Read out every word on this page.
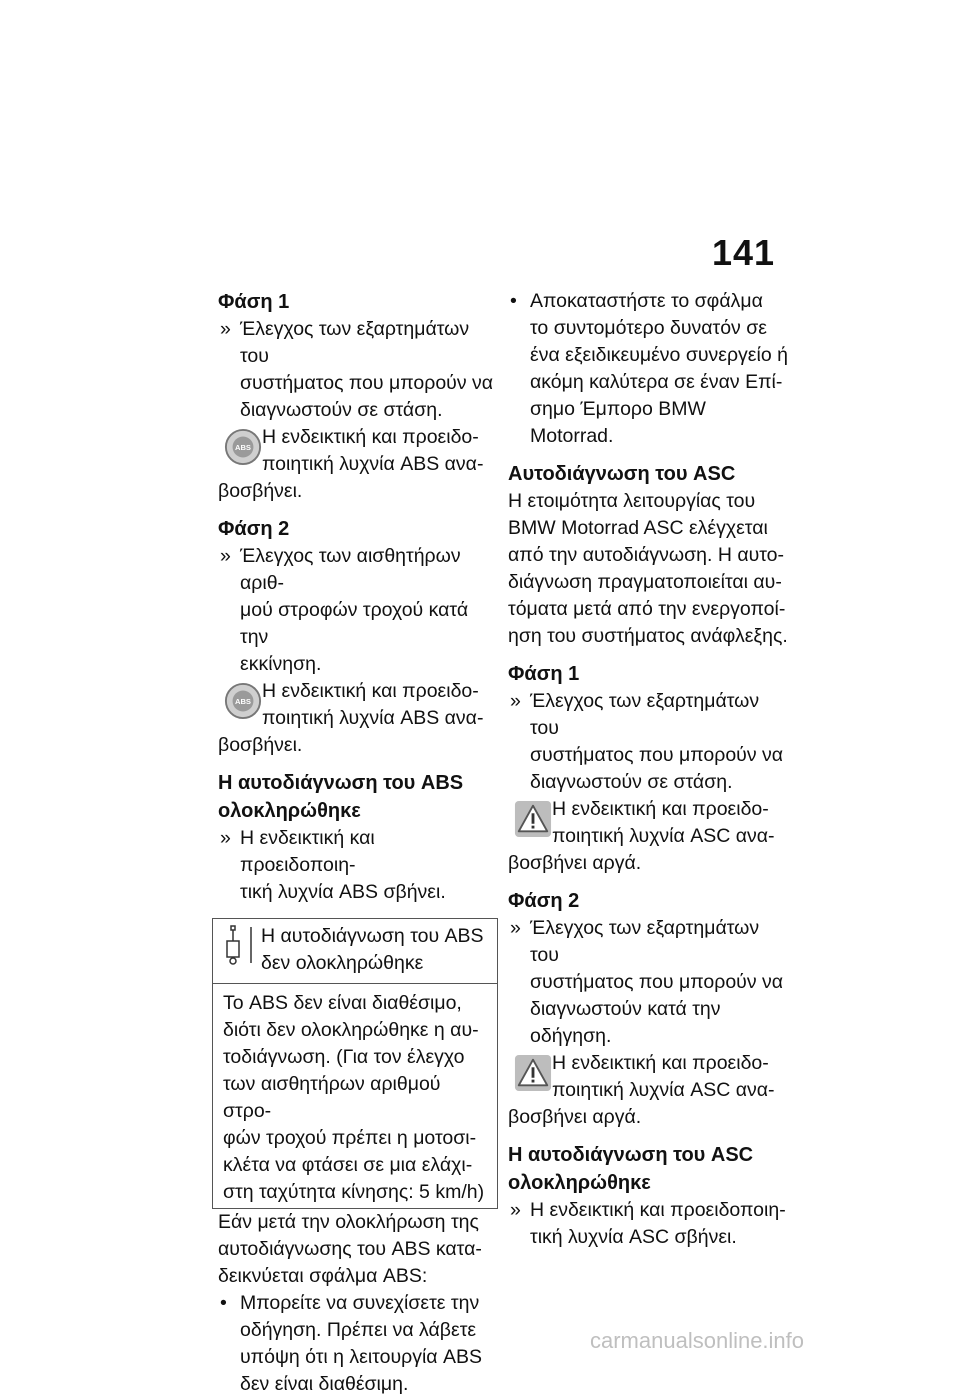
141
Φάση 1
» Έλεγχος των εξαρτημάτων του
συστήματος που μπορούν να
διαγνωστούν σε στάση.
ABS Η ενδεικτική και προειδο-
ποιητική λυχνία ABS ανα-
βοσβήνει.
Φάση 2
» Έλεγχος των αισθητήρων αριθ-
μού στροφών τροχού κατά την
εκκίνηση.
ABS Η ενδεικτική και προειδο-
ποιητική λυχνία ABS ανα-
βοσβήνει.
Η αυτοδιάγνωση του ABS
ολοκληρώθηκε
» Η ενδεικτική και προειδοποιη-
τική λυχνία ABS σβήνει.
Η αυτοδιάγνωση του ABS
δεν ολοκληρώθηκε
Το ABS δεν είναι διαθέσιμο,
διότι δεν ολοκληρώθηκε η αυ-
τοδιάγνωση. (Για τον έλεγχο
των αισθητήρων αριθμού στρο-
φών τροχού πρέπει η μοτοσι-
κλέτα να φτάσει σε μια ελάχι-
στη ταχύτητα κίνησης: 5 km/h)
Εάν μετά την ολοκλήρωση της
αυτοδιάγνωσης του ABS κατα-
δεικνύεται σφάλμα ABS:
• Μπορείτε να συνεχίσετε την
οδήγηση. Πρέπει να λάβετε
υπόψη ότι η λειτουργία ABS
δεν είναι διαθέσιμη.
• Αποκαταστήστε το σφάλμα
το συντομότερο δυνατόν σε
ένα εξειδικευμένο συνεργείο ή
ακόμη καλύτερα σε έναν Επί-
σημο Έμπορο BMW Motorrad.
Αυτοδιάγνωση του ASC
Η ετοιμότητα λειτουργίας του
BMW Motorrad ASC ελέγχεται
από την αυτοδιάγνωση. Η αυτο-
διάγνωση πραγματοποιείται αυ-
τόματα μετά από την ενεργοποί-
ηση του συστήματος ανάφλεξης.
Φάση 1
» Έλεγχος των εξαρτημάτων του
συστήματος που μπορούν να
διαγνωστούν σε στάση.
Η ενδεικτική και προειδο-
ποιητική λυχνία ASC ανα-
βοσβήνει αργά.
Φάση 2
» Έλεγχος των εξαρτημάτων του
συστήματος που μπορούν να
διαγνωστούν κατά την οδήγηση.
Η ενδεικτική και προειδο-
ποιητική λυχνία ASC ανα-
βοσβήνει αργά.
Η αυτοδιάγνωση του ASC
ολοκληρώθηκε
» Η ενδεικτική και προειδοποιη-
τική λυχνία ASC σβήνει.
carmanualsonline.info
